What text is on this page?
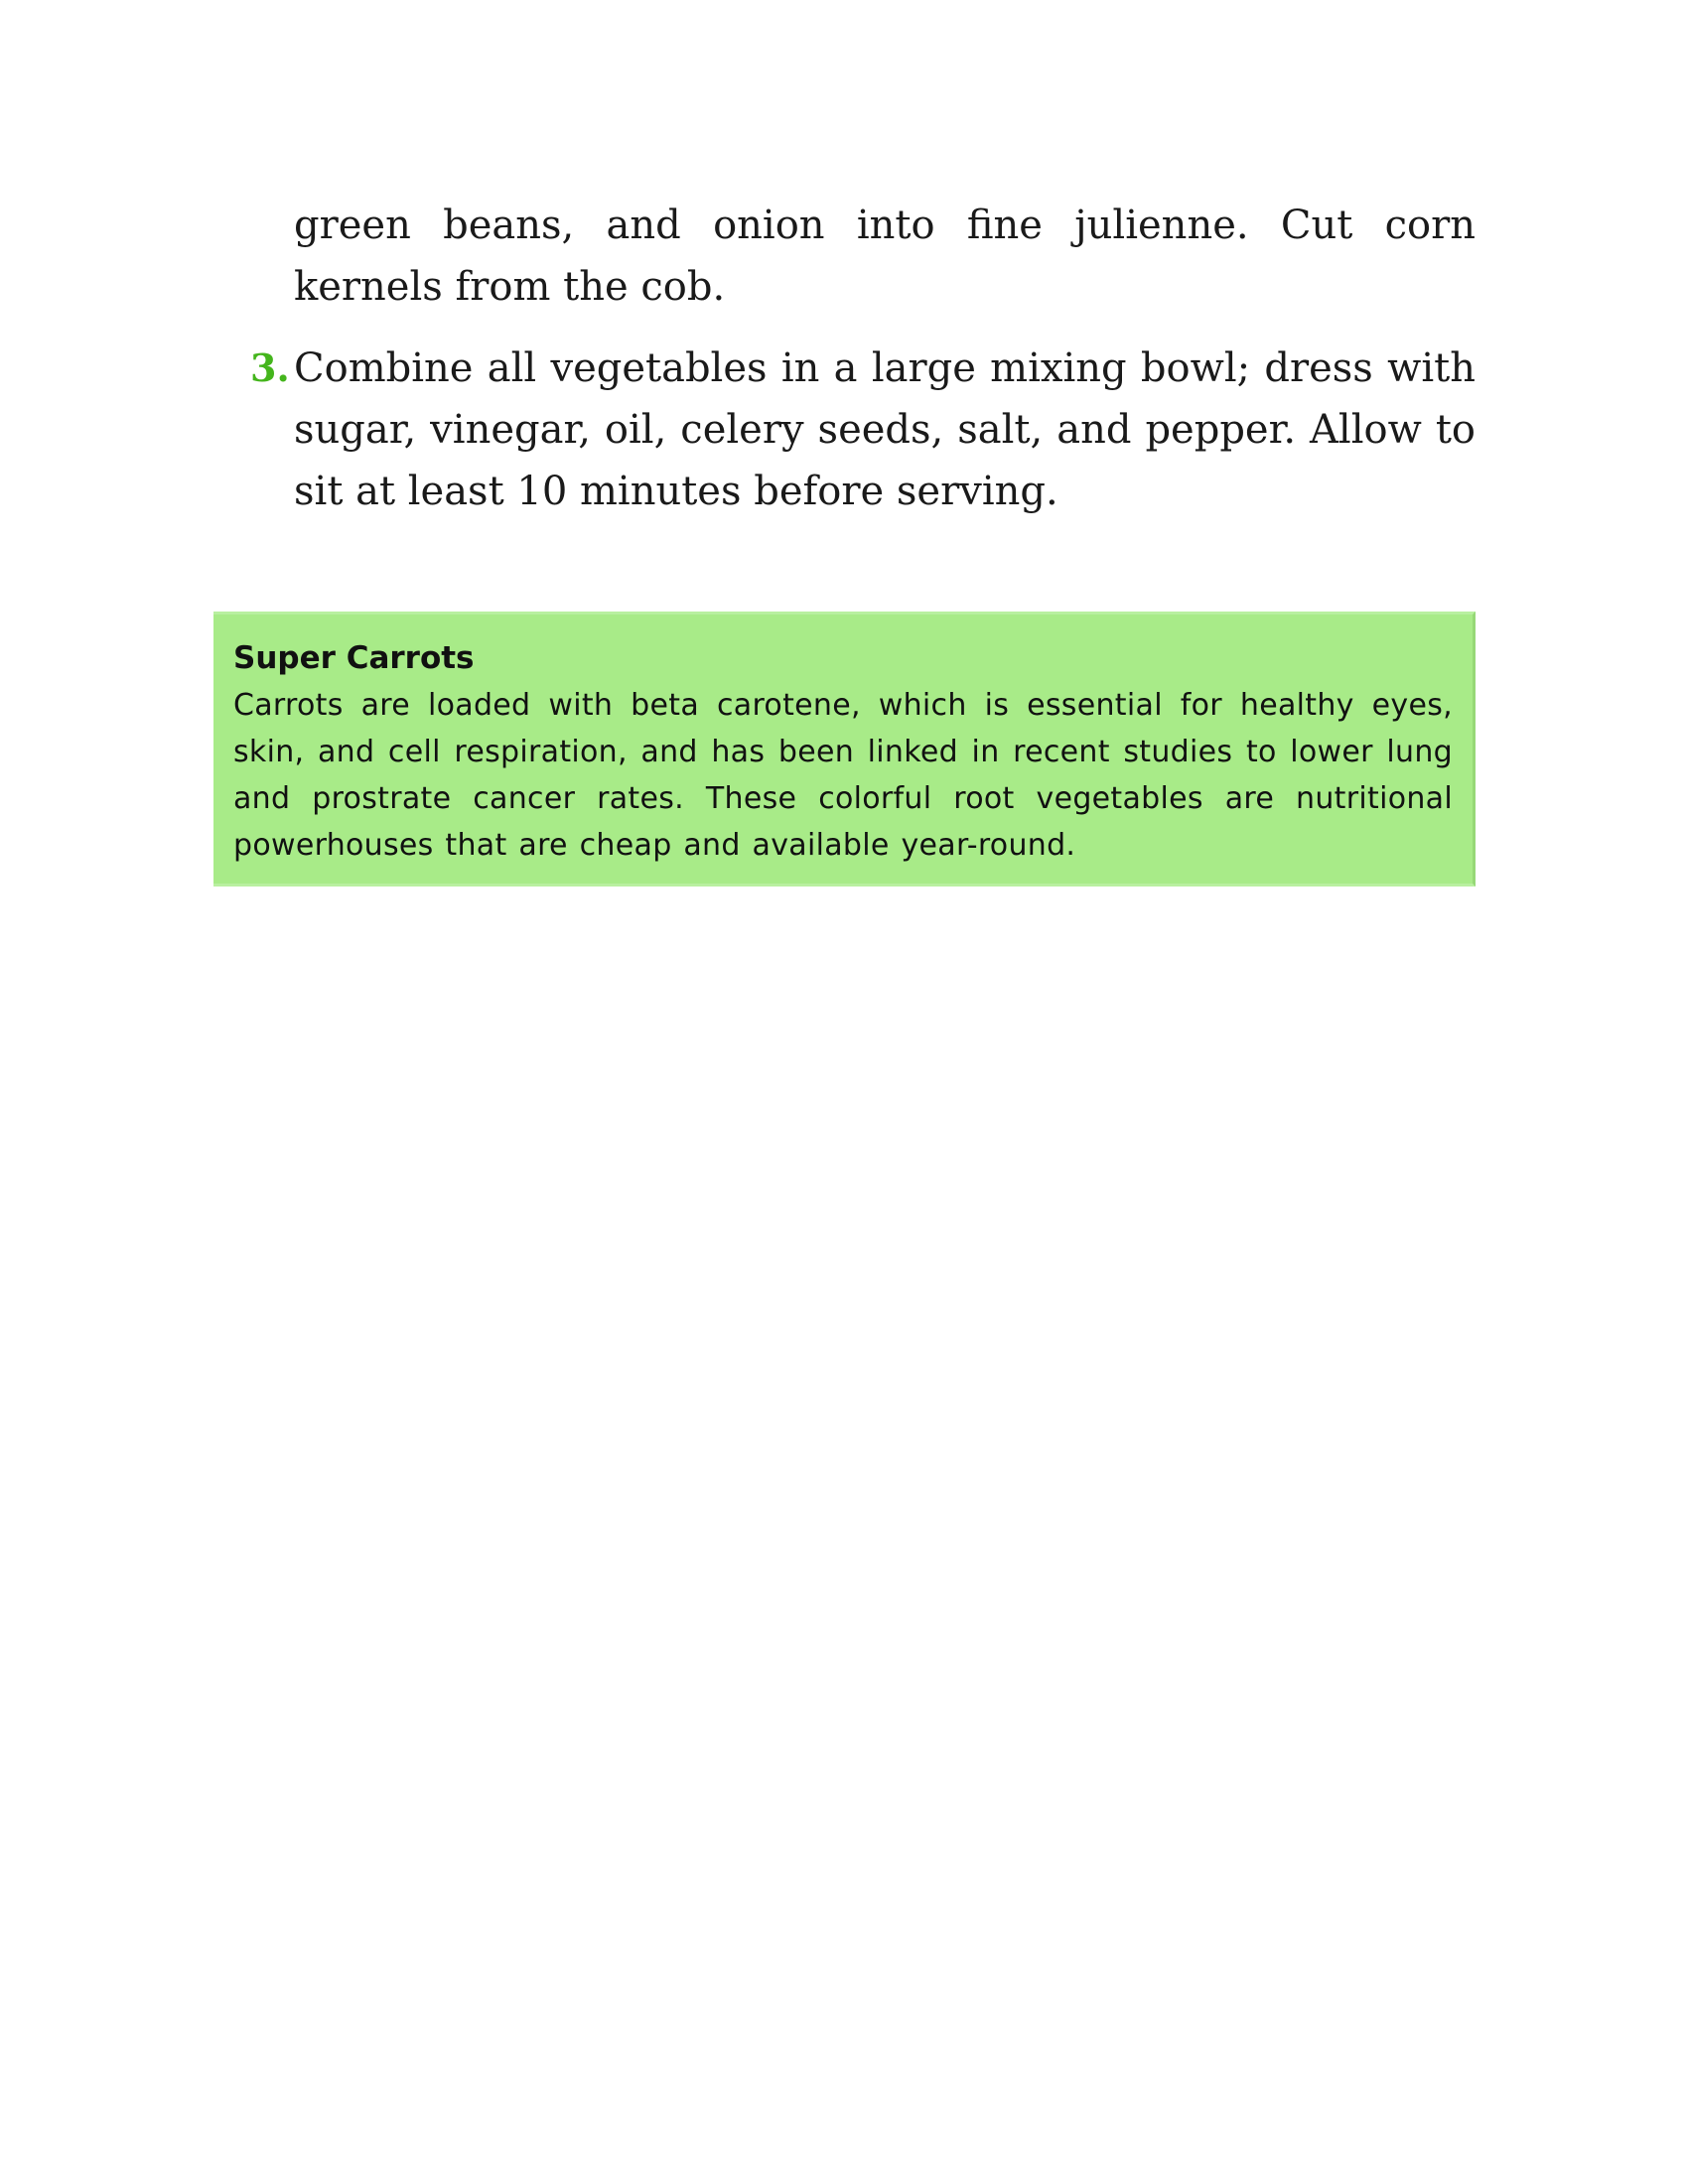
green beans, and onion into fine julienne. Cut corn kernels from the cob.

3. Combine all vegetables in a large mixing bowl; dress with sugar, vinegar, oil, celery seeds, salt, and pepper. Allow to sit at least 10 minutes before serving.

Super Carrots

Carrots are loaded with beta carotene, which is essential for healthy eyes, skin, and cell respiration, and has been linked in recent studies to lower lung and prostrate cancer rates. These colorful root vegetables are nutritional powerhouses that are cheap and available year-round.
